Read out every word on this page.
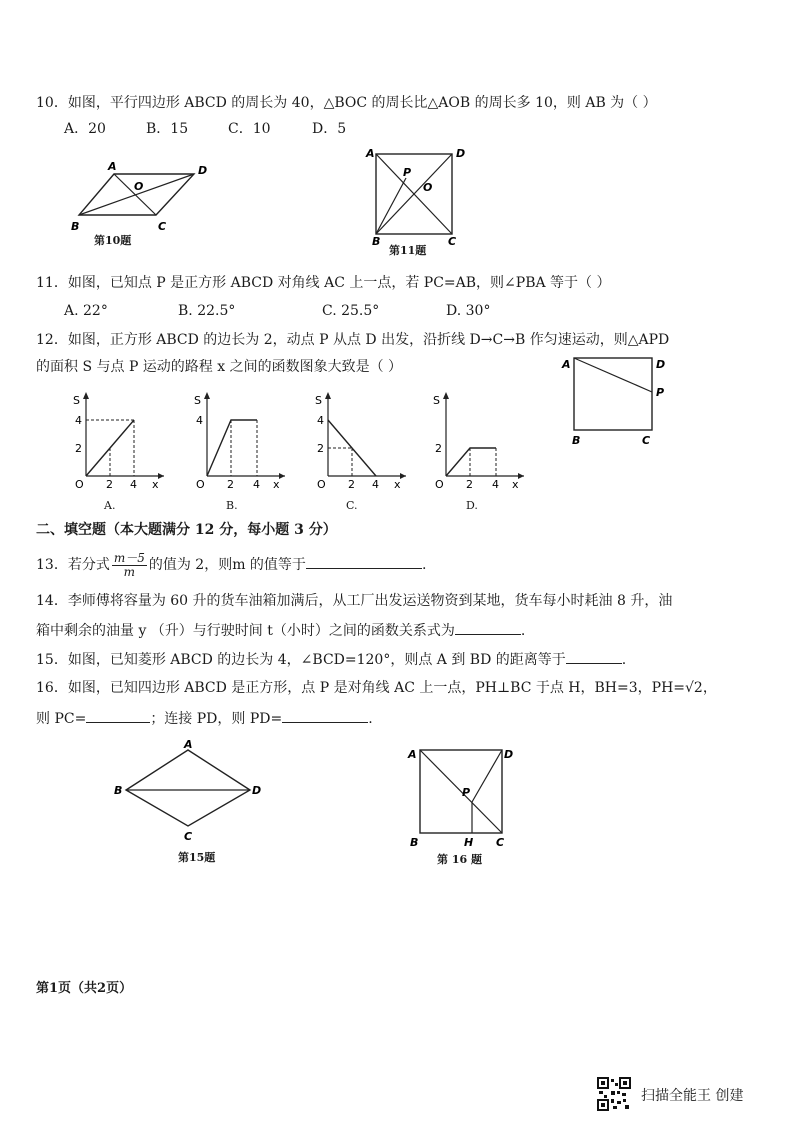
10．如图，平行四边形 ABCD 的周长为 40，△BOC 的周长比△AOB 的周长多 10，则 AB 为（ ）
A．20	B．15	C．10	D．5
A	D
B	C
O
第10题
A	D
B	C
P
O
第11题
11．如图，已知点 P 是正方形 ABCD 对角线 AC 上一点，若 PC=AB，则∠PBA 等于（ ）
A. 22°	B. 22.5°	C. 25.5°	D. 30°
12．如图，正方形 ABCD 的边长为 2，动点 P 从点 D 出发，沿折线 D→C→B 作匀速运动，则△APD
的面积 S 与点 P 运动的路程 x 之间的函数图象大致是（ ）	A	D
P
B	C
S
4
2
O 2 4 x
A.
S
4
O 2 4 x
B.
S
4
2
O 2 4 x
C.
S
2
O 2 4 x
D.
二、填空题（本大题满分 12 分，每小题 3 分）
13．若分式 $\frac{m-5}{m}$ 的值为 2，则m 的值等于	.
14．李师傅将容量为 60 升的货车油箱加满后，从工厂出发运送物资到某地，货车每小时耗油 8 升，油
箱中剩余的油量 y （升）与行驶时间 t（小时）之间的函数关系式为	.
15．如图，已知菱形 ABCD 的边长为 4，∠BCD=120°，则点 A 到 BD 的距离等于	.
16．如图，已知四边形 ABCD 是正方形，点 P 是对角线 AC 上一点，PH⊥BC 于点 H，BH=3，PH=√2，
则 PC=	；连接 PD，则 PD=	.
A
B	D
C
第15题
A	D
B	H C
P
第 16 题
第1页（共2页）
扫描全能王 创建
